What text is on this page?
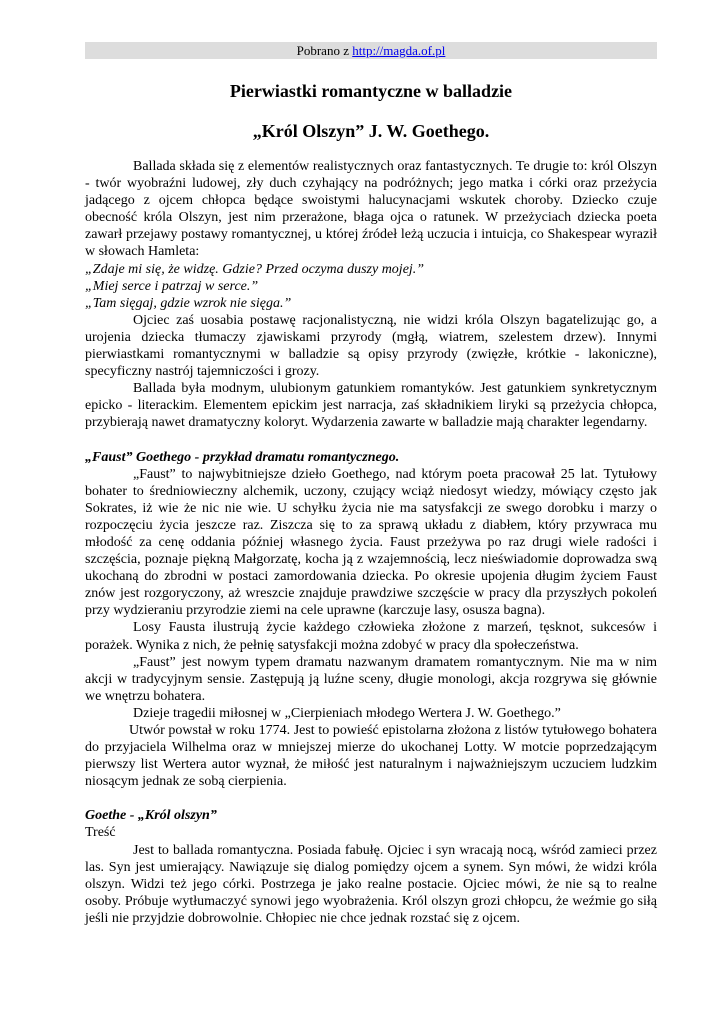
Pobrano z http://magda.of.pl
Pierwiastki romantyczne w balladzie
„Król Olszyn” J. W. Goethego.

Ballada składa się z elementów realistycznych oraz fantastycznych. Te drugie to: król Olszyn - twór wyobraźni ludowej, zły duch czyhający na podróżnych; jego matka i córki oraz przeżycia jadącego z ojcem chłopca będące swoistymi halucynacjami wskutek choroby. Dziecko czuje obecność króla Olszyn, jest nim przerażone, błaga ojca o ratunek. W przeżyciach dziecka poeta zawarł przejawy postawy romantycznej, u której źródeł leżą uczucia i intuicja, co Shakespear wyraził w słowach Hamleta:

„Zdaje mi się, że widzę. Gdzie? Przed oczyma duszy mojej.”

„Miej serce i patrzaj w serce.”

„Tam sięgaj, gdzie wzrok nie sięga.”

Ojciec zaś uosabia postawę racjonalistyczną, nie widzi króla Olszyn bagatelizując go, a urojenia dziecka tłumaczy zjawiskami przyrody (mgłą, wiatrem, szelestem drzew). Innymi pierwiastkami romantycznymi w balladzie są opisy przyrody (zwięzłe, krótkie - lakoniczne), specyficzny nastrój tajemniczości i grozy.

Ballada była modnym, ulubionym gatunkiem romantyków. Jest gatunkiem synkretycznym epicko - literackim. Elementem epickim jest narracja, zaś składnikiem liryki są przeżycia chłopca, przybierają nawet dramatyczny koloryt. Wydarzenia zawarte w balladzie mają charakter legendarny.

„Faust” Goethego - przykład dramatu romantycznego.

„Faust” to najwybitniejsze dzieło Goethego, nad którym poeta pracował 25 lat. Tytułowy bohater to średniowieczny alchemik, uczony, czujący wciąż niedosyt wiedzy, mówiący często jak Sokrates, iż wie że nic nie wie. U schyłku życia nie ma satysfakcji ze swego dorobku i marzy o rozpoczęciu życia jeszcze raz. Ziszcza się to za sprawą układu z diabłem, który przywraca mu młodość za cenę oddania później własnego życia. Faust przeżywa po raz drugi wiele radości i szczęścia, poznaje piękną Małgorzatę, kocha ją z wzajemnością, lecz nieświadomie doprowadza swą ukochaną do zbrodni w postaci zamordowania dziecka. Po okresie upojenia długim życiem Faust znów jest rozgoryczony, aż wreszcie znajduje prawdziwe szczęście w pracy dla przyszłych pokoleń przy wydzieraniu przyrodzie ziemi na cele uprawne (karczuje lasy, osusza bagna).

Losy Fausta ilustrują życie każdego człowieka złożone z marzeń, tęsknot, sukcesów i porażek. Wynika z nich, że pełnię satysfakcji można zdobyć w pracy dla społeczeństwa.

„Faust” jest nowym typem dramatu nazwanym dramatem romantycznym. Nie ma w nim akcji w tradycyjnym sensie. Zastępują ją luźne sceny, długie monologi, akcja rozgrywa się głównie we wnętrzu bohatera.

Dzieje tragedii miłosnej w „Cierpieniach młodego Wertera J. W. Goethego.”

Utwór powstał w roku 1774. Jest to powieść epistolarna złożona z listów tytułowego bohatera do przyjaciela Wilhelma oraz w mniejszej mierze do ukochanej Lotty. W motcie poprzedzającym pierwszy list Wertera autor wyznał, że miłość jest naturalnym i najważniejszym uczuciem ludzkim niosącym jednak ze sobą cierpienia.

Goethe - „Król olszyn”

Treść

Jest to ballada romantyczna. Posiada fabułę. Ojciec i syn wracają nocą, wśród zamieci przez las. Syn jest umierający. Nawiązuje się dialog pomiędzy ojcem a synem. Syn mówi, że widzi króla olszyn. Widzi też jego córki. Postrzega je jako realne postacie. Ojciec mówi, że nie są to realne osoby. Próbuje wytłumaczyć synowi jego wyobrażenia. Król olszyn grozi chłopcu, że weźmie go siłą jeśli nie przyjdzie dobrowolnie. Chłopiec nie chce jednak rozstać się z ojcem.
